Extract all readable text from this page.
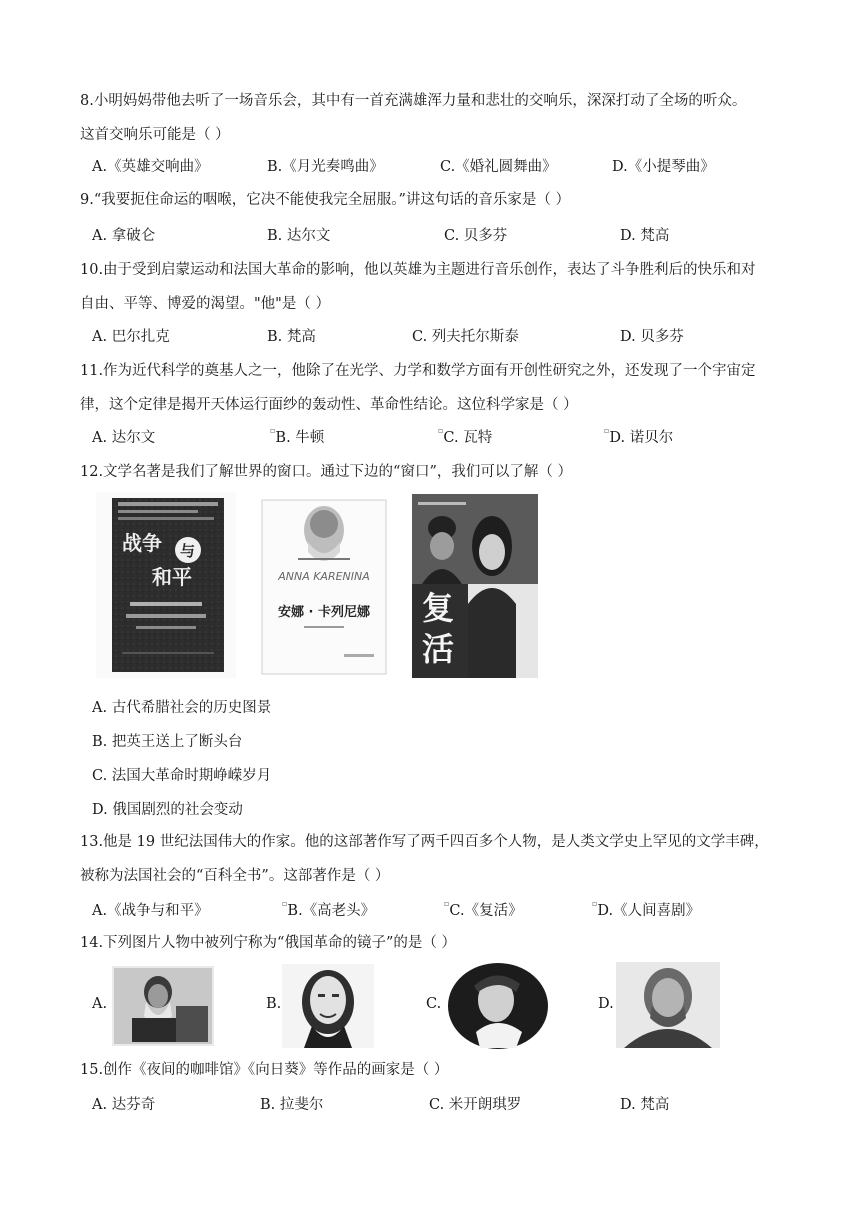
8.小明妈妈带他去听了一场音乐会，其中有一首充满雄浑力量和悲壮的交响乐，深深打动了全场的听众。
这首交响乐可能是（ ）
A.《英雄交响曲》	B.《月光奏鸣曲》	C.《婚礼圆舞曲》	D.《小提琴曲》
9.“我要扼住命运的咽喉，它决不能使我完全屈服。”讲这句话的音乐家是（ ）
A. 拿破仑	B. 达尔文	C. 贝多芬	D. 梵高
10.由于受到启蒙运动和法国大革命的影响，他以英雄为主题进行音乐创作，表达了斗争胜利后的快乐和对
自由、平等、博爱的渴望。"他"是（ ）
A. 巴尔扎克	B. 梵高	C. 列夫托尔斯泰	D. 贝多芬
11.作为近代科学的奠基人之一，他除了在光学、力学和数学方面有开创性研究之外，还发现了一个宇宙定
律，这个定律是揭开天体运行面纱的轰动性、革命性结论。这位科学家是（ ）
A. 达尔文	▫B. 牛顿	▫C. 瓦特	▫D. 诺贝尔
12.文学名著是我们了解世界的窗口。通过下边的“窗口”，我们可以了解（ ）
战争 与
和平	ANNA KARENINA
安娜 · 卡列尼娜 复
活
A. 古代希腊社会的历史图景
B. 把英王送上了断头台
C. 法国大革命时期峥嵘岁月
D. 俄国剧烈的社会变动
13.他是 19 世纪法国伟大的作家。他的这部著作写了两千四百多个人物，是人类文学史上罕见的文学丰碑，
被称为法国社会的“百科全书”。这部著作是（ ）
A.《战争与和平》	▫B.《高老头》	▫C.《复活》	▫D.《人间喜剧》
14.下列图片人物中被列宁称为“俄国革命的镜子”的是（ ）
A.	B.	C.	D.
15.创作《夜间的咖啡馆》《向日葵》等作品的画家是（ ）
A. 达芬奇	B. 拉斐尔	C. 米开朗琪罗	D. 梵高
